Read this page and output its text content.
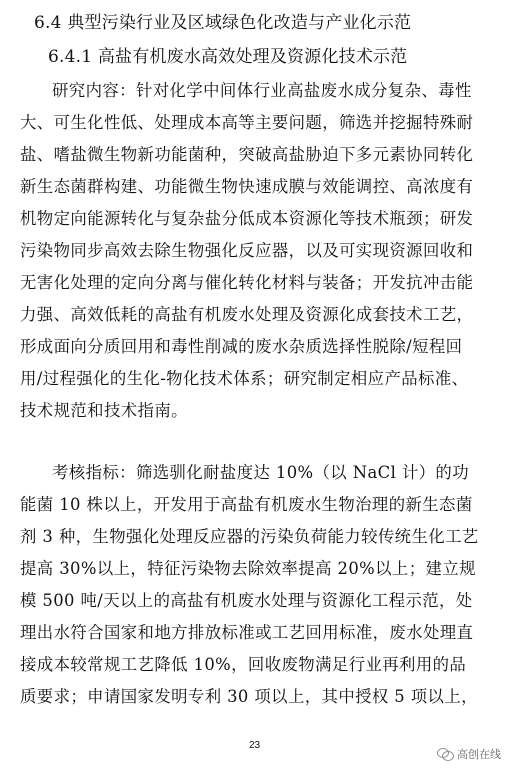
6.4 典型污染行业及区域绿色化改造与产业化示范
6.4.1 高盐有机废水高效处理及资源化技术示范
研究内容：针对化学中间体行业高盐废水成分复杂、毒性
大、可生化性低、处理成本高等主要问题，筛选并挖掘特殊耐
盐、嗜盐微生物新功能菌种，突破高盐胁迫下多元素协同转化
新生态菌群构建、功能微生物快速成膜与效能调控、高浓度有
机物定向能源转化与复杂盐分低成本资源化等技术瓶颈；研发
污染物同步高效去除生物强化反应器，以及可实现资源回收和
无害化处理的定向分离与催化转化材料与装备；开发抗冲击能
力强、高效低耗的高盐有机废水处理及资源化成套技术工艺，
形成面向分质回用和毒性削减的废水杂质选择性脱除/短程回
用/过程强化的生化-物化技术体系；研究制定相应产品标准、
技术规范和技术指南。
考核指标：筛选驯化耐盐度达 10%（以 NaCl 计）的功
能菌 10 株以上，开发用于高盐有机废水生物治理的新生态菌
剂 3 种，生物强化处理反应器的污染负荷能力较传统生化工艺
提高 30%以上，特征污染物去除效率提高 20%以上；建立规
模 500 吨/天以上的高盐有机废水处理与资源化工程示范，处
理出水符合国家和地方排放标准或工艺回用标准，废水处理直
接成本较常规工艺降低 10%，回收废物满足行业再利用的品
质要求；申请国家发明专利 30 项以上，其中授权 5 项以上，
23
高创在线
